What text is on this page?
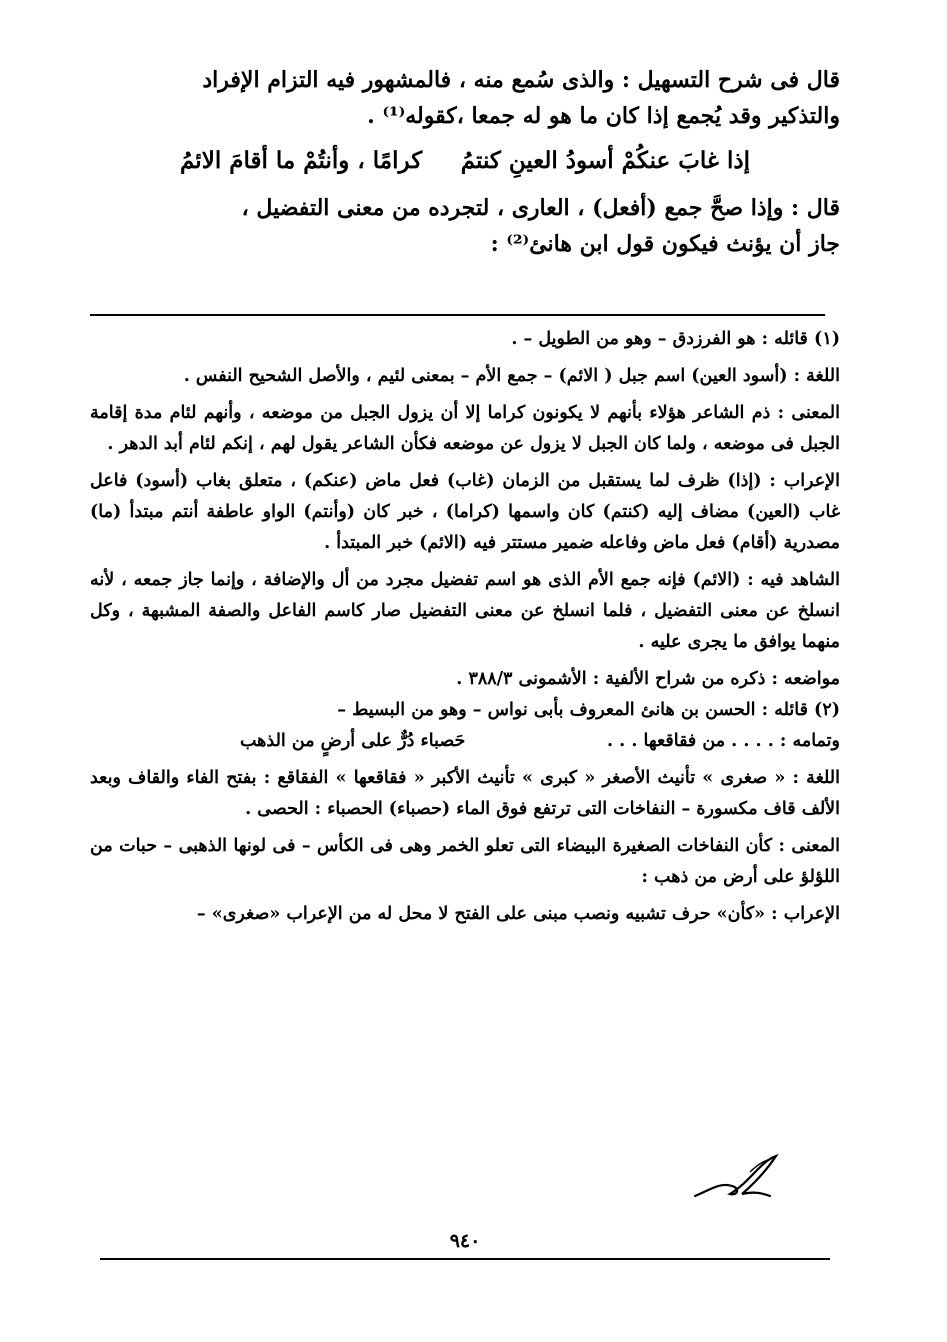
قال فى شرح التسهيل : والذى سُمع منه ، فالمشهور فيه التزام الإفراد

والتذكير وقد يُجمع إذا كان ما هو له جمعا ،كقوله⁽¹⁾ .

إذا غابَ عنكُمْ أسودُ العينِ كنتمُ
كرامًا ، وأنتُمْ ما أقامَ الائمُ

قال : وإذا صحَّ جمع (أفعل) ، العارى ، لتجرده من معنى التفضيل ،

جاز أن يؤنث فيكون قول ابن هانئ⁽²⁾ :

(١) قائله : هو الفرزدق – وهو من الطويل – .

اللغة : (أسود العين) اسم جبل ( الائم) – جمع الأم – بمعنى لئيم ، والأصل الشحيح النفس .

المعنى : ذم الشاعر هؤلاء بأنهم لا يكونون كراما إلا أن يزول الجبل من موضعه ، وأنهم لئام مدة إقامة الجبل فى موضعه ، ولما كان الجبل لا يزول عن موضعه فكأن الشاعر يقول لهم ، إنكم لئام أبد الدهر .

الإعراب : (إذا) ظرف لما يستقبل من الزمان (غاب) فعل ماض (عنكم) ، متعلق بغاب (أسود) فاعل غاب (العين) مضاف إليه (كنتم) كان واسمها (كراما) ، خبر كان (وأنتم) الواو عاطفة أنتم مبتدأ (ما) مصدرية (أقام) فعل ماض وفاعله ضمير مستتر فيه (الائم) خبر المبتدأ .

الشاهد فيه : (الائم) فإنه جمع الأم الذى هو اسم تفضيل مجرد من أل والإضافة ، وإنما جاز جمعه ، لأنه انسلخ عن معنى التفضيل ، فلما انسلخ عن معنى التفضيل صار كاسم الفاعل والصفة المشبهة ، وكل منهما يوافق ما يجرى عليه .

مواضعه : ذكره من شراح الألفية : الأشمونى ٣٨٨/٣ .

(٢) قائله : الحسن بن هانئ المعروف بأبى نواس – وهو من البسيط –

وتمامه : . . . . من فقاقعها . . .
حَصباء دُرٌّ على أرضٍ من الذهب

اللغة : « صغرى » تأنيث الأصغر « كبرى » تأنيث الأكبر « فقاقعها » الفقاقع : بفتح الفاء والقاف وبعد الألف قاف مكسورة – النفاخات التى ترتفع فوق الماء (حصباء) الحصباء : الحصى .

المعنى : كأن النفاخات الصغيرة البيضاء التى تعلو الخمر وهى فى الكأس – فى لونها الذهبى – حبات من اللؤلؤ على أرض من ذهب :

الإعراب : «كأن» حرف تشبيه ونصب مبنى على الفتح لا محل له من الإعراب «صغرى» –

٩٤٠
